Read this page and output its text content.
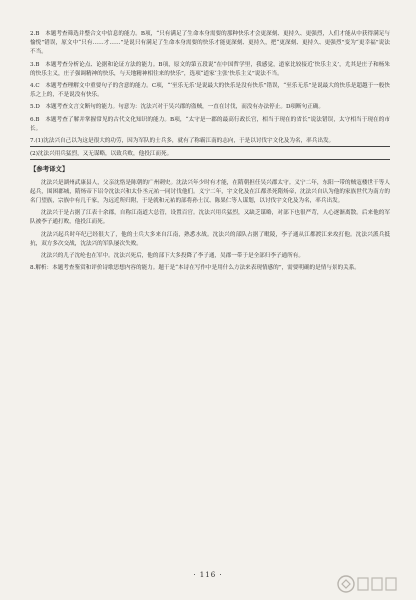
2.B　本题考查筛选并整合文中信息的能力。B项，“只有满足了生命本身需要的那种快乐才会更深刻、更持久、更强烈，人们才能从中获得满足与愉悦”错误，原文中“只有……才……”是说只有满足了生命本身需要的快乐才能更深刻、更持久，把“更深刻、更持久、更强烈”变为“更幸福”说法不当。

3.B　本题考查分析论点、论据和论证方法的能力。B项，原文的第五段说“在中国哲学里，我感觉，道家比较接近‘快乐主义’，尤其是庄子和杨朱的快乐主义，庄子强调精神的快乐，与天地精神相往来的快乐”，选项“道家‘主张’快乐主义”说法不当。

4.C　本题考查理解文中重要句子的含意的能力。C项，“‘至乐无乐’是说最大的快乐是没有快乐”错误，“至乐无乐”是说最大的快乐是超越于一般快乐之上的，不是说没有快乐。

5.D　本题考查文言文断句的能力。句意为：沈法兴对于吴兴郡的盗贼，一直在讨伐，而没有办法停止。D项断句正确。

6.B　本题考查了解并掌握常见的古代文化知识的能力。B项，“太守是一郡的最高行政长官，相当于现在的省长”说法错误，太守相当于现在的市长。

7.(1)沈法兴自己以为这是很大的功劳，因为军队的士兵多，就有了称霸江南的志向，于是以讨伐宇文化及为名，率兵出发。

(2)沈法兴用兵猛烈，又无谋略，以致兵败，他投江而死。

【参考译文】

沈法兴是湖州武康县人，父亲沈恪是陈朝的广州刺史。沈法兴年少时有才能，在隋朝担任吴兴郡太守。义宁二年，东阳一带的贼寇楼世干等人起兵，围困郡城，隋炀帝下诏令沈法兴和太仆丞元祐一同讨伐他们。义宁二年，宇文化及在江都杀死隋炀帝，沈法兴自认为他的家族世代为南方的名门望族，宗族中有几千家，为远近所归附，于是就和元祐的部将孙士汉、陈果仁等人谋划，以讨伐宇文化及为名，率兵出发。

沈法兴于是占据了江表十余郡，自称江南道大总管，设置百官。沈法兴用兵猛烈，又缺乏谋略，对部下也很严苛，人心逐渐离散。后来他的军队被李子通打败，他投江而死。

沈法兴起兵时年纪已经很大了，他的士兵大多来自江南，熟悉水战。沈法兴的部队占据了毗陵，李子通从江都渡江来攻打他。沈法兴派兵抵抗，双方多次交战，沈法兴的军队屡次失败。

沈法兴的儿子沈纶也在军中。沈法兴死后，他的部下大多投降了李子通，吴郡一带于是全部归李子通所有。

8.解析：本题考查鉴赏和评价诗歌思想内容的能力。题干是“本诗在写作中是用什么方法来表现情感的”，需要明确的是情与景的关系。

· 116 ·
